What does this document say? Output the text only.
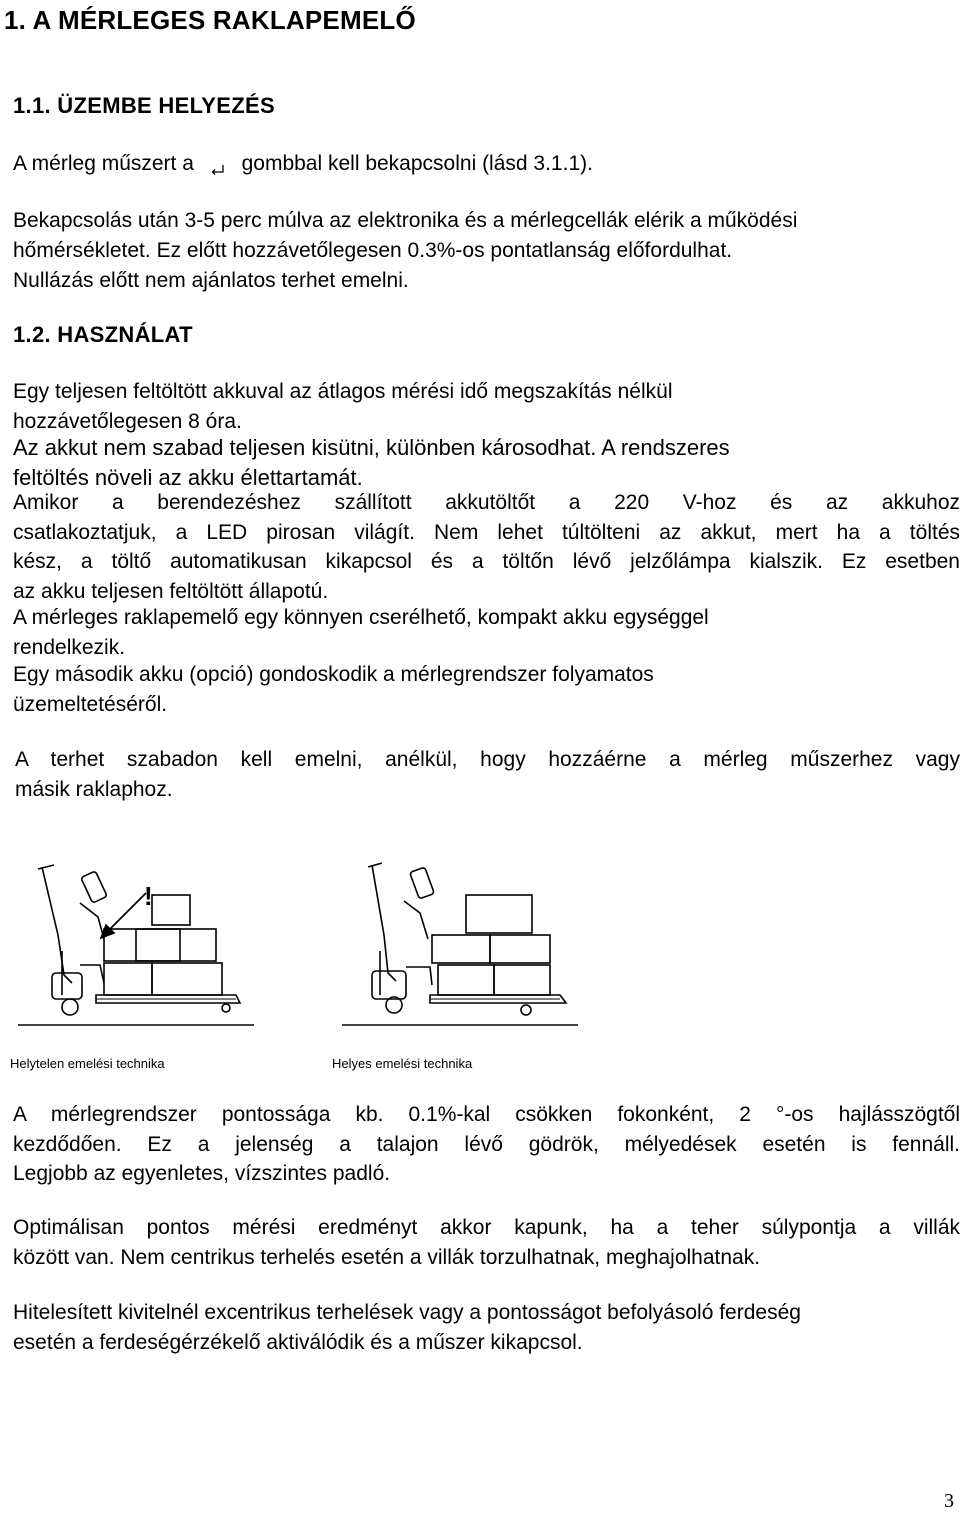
1. A MÉRLEGES RAKLAPEMELŐ
1.1. ÜZEMBE HELYEZÉS
A mérleg műszert a gombbal kell bekapcsolni (lásd 3.1.1).
Bekapcsolás után 3-5 perc múlva az elektronika és a mérlegcellák elérik a működési
hőmérsékletet. Ez előtt hozzávetőlegesen 0.3%-os pontatlanság előfordulhat.
Nullázás előtt nem ajánlatos terhet emelni.
1.2. HASZNÁLAT
Egy teljesen feltöltött akkuval az átlagos mérési idő megszakítás nélkül
hozzávetőlegesen 8 óra.
Az akkut nem szabad teljesen kisütni, különben károsodhat. A rendszeres
feltöltés növeli az akku élettartamát.
Amikor a berendezéshez szállított akkutöltőt a 220 V-hoz és az akkuhoz
csatlakoztatjuk, a LED pirosan világít. Nem lehet túltölteni az akkut, mert ha a töltés
kész, a töltő automatikusan kikapcsol és a töltőn lévő jelzőlámpa kialszik. Ez esetben
az akku teljesen feltöltött állapotú.
A mérleges raklapemelő egy könnyen cserélhető, kompakt akku egységgel
rendelkezik.
Egy második akku (opció) gondoskodik a mérlegrendszer folyamatos
üzemeltetéséről.
A terhet szabadon kell emelni, anélkül, hogy hozzáérne a mérleg műszerhez vagy
másik raklaphoz.
!
Helytelen emelési technika	Helyes emelési technika
A mérlegrendszer pontossága kb. 0.1%-kal csökken fokonként, 2 °-os hajlásszögtől
kezdődően. Ez a jelenség a talajon lévő gödrök, mélyedések esetén is fennáll.
Legjobb az egyenletes, vízszintes padló.
Optimálisan pontos mérési eredményt akkor kapunk, ha a teher súlypontja a villák
között van. Nem centrikus terhelés esetén a villák torzulhatnak, meghajolhatnak.
Hitelesített kivitelnél excentrikus terhelések vagy a pontosságot befolyásoló ferdeség
esetén a ferdeségérzékelő aktiválódik és a műszer kikapcsol.
3
